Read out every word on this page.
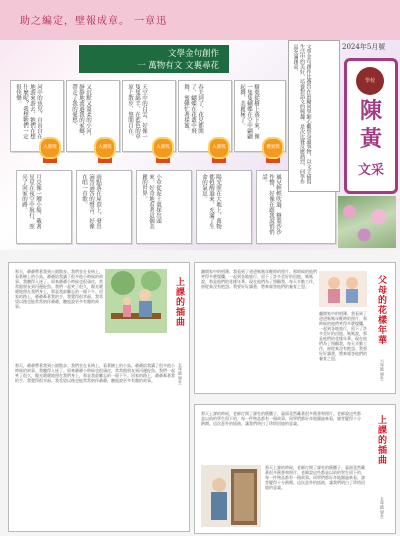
助之編定，壁報成章。 一章迅
文學金句創作
一 萬物有文 文裏尋花
河中的魚兒，自由自在地游來游去，牠們在想什麼呢？我想牠們一定很快樂。	又沉默又溫柔的小河，靜靜地流過我的家鄉，帶走了我的憂愁。	天空中的白雲，好像一隻隻綿羊，在藍色的草原上散步，悠閒自在。	春天到了，花兒都開了，蝴蝶在花叢中飛舞，蜜蜂忙著採蜜。	樹葉從樹上落下來，像一隻隻蝴蝶在空中翩翩起舞，美麗極了。
入圍獎	入圍獎	入圍獎	入圍獎	優異獎
月亮像一艘小船，載著星星在夜空中航行，照亮了回家的路。	雨點落在屋頂上，發出滴答滴答的聲音，好像在唱一首歌。	小草從泥土裏探出頭來，好奇地看著這個美麗的世界。	陽光照在大地上，萬物都甦醒過來，充滿了生命的氣息。	風兒輕輕吹過，樹葉沙沙作響，好像在跟我說悄悄話。	文學金句創作比賽旨在鼓勵同學細心觀察身邊事物，以文字描寫生活中的美好，培養對語文的興趣。是次比賽反應熱烈，同學作品充滿創意。	2024年5月號
學校
陳
黃
文采
那天，爺爺帶著我到公園散步。我們坐在長椅上，看著樹上的小鳥。爺爺給我講了很多他小時候的故事，我聽得入迷了。原來爺爺小時候也很頑皮，常常跟朋友到河邊捉魚。我們一起笑了很久，陽光暖暖地照在我們身上，那是我最難忘的一個下午。回家的路上，爺爺牽著我的手，我覺得很幸福。我希望以後也能常常陪伴爺爺，聽他說更多有趣的故事。	上課的插曲
五年級 學生
那天，爺爺帶著我到公園散步。我們坐在長椅上，看著樹上的小鳥。爺爺給我講了很多他小時候的故事，我聽得入迷了。原來爺爺小時候也很頑皮，常常跟朋友到河邊捉魚。我們一起笑了很久，陽光暖暖地照在我們身上，那是我最難忘的一個下午。回家的路上，爺爺牽著我的手，我覺得很幸福。我希望以後也能常常陪伴爺爺，聽他說更多有趣的故事。
翻開家中的相簿，我看到了爸爸媽媽年輕時的照片。那時候的他們笑得多麼燦爛，一起到各地旅行，留下了許多美好的回憶。媽媽說，那是他們的花樣年華。現在他們為了照顧我，每天辛勤工作，卻從來沒有抱怨。我要好好讀書，將來報答他們的養育之恩。	父母的花樣年華
翻開家中的相簿，我看到了爸爸媽媽年輕時的照片。那時候的他們笑得多麼燦爛，一起到各地旅行，留下了許多美好的回憶。媽媽說，那是他們的花樣年華。現在他們為了照顧我，每天辛勤工作，卻從來沒有抱怨。我要好好讀書，將來報答他們的養育之恩。
六年級 學生
那天上課的時候，老師打開了課室的舊櫃子，裏面竟然藏著很多舊書和照片。老師說這些都是以前的學生留下的，每一件物品都有一個故事。同學們都好奇地圍過來看，課堂變得十分熱鬧。這次意外的插曲，讓我們明白了珍惜回憶的意義。
那天上課的時候，老師打開了課室的舊櫃子，裏面竟然藏著很多舊書和照片。老師說這些都是以前的學生留下的，每一件物品都有一個故事。同學們都好奇地圍過來看，課堂變得十分熱鬧。這次意外的插曲，讓我們明白了珍惜回憶的意義。
上課的插曲
五年級 學生
